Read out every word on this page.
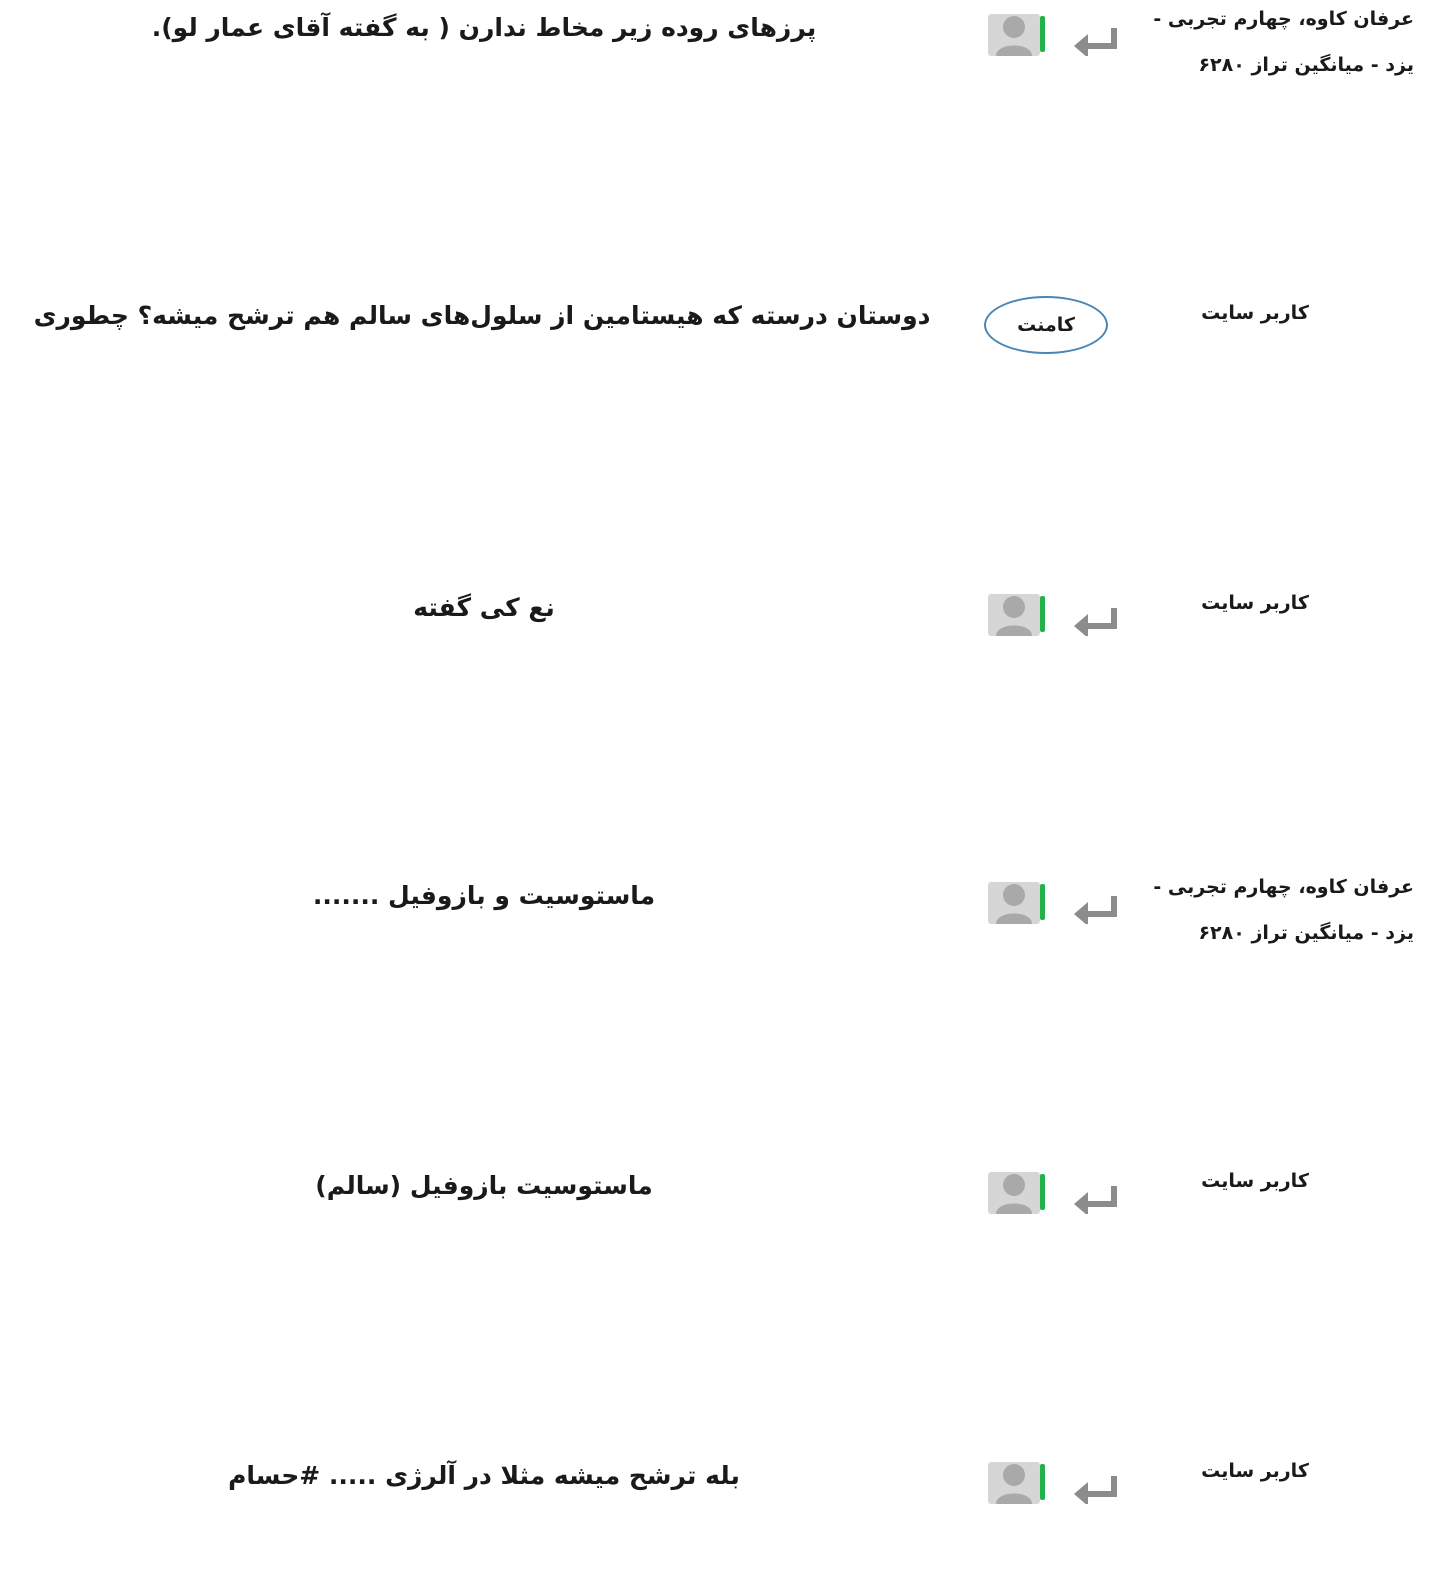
عرفان کاوه، چهارم تجربی -
یزد - میانگین تراز ۶۲۸۰
پرزهای روده زیر مخاط ندارن ( به گفته آقای عمار لو).
کاربر سایت
کامنت
دوستان درسته که هیستامین از سلول‌های سالم هم ترشح میشه؟ چطوری
کاربر سایت
نع کی گفته
عرفان کاوه، چهارم تجربی -
یزد - میانگین تراز ۶۲۸۰
ماستوسیت و بازوفیل .......
کاربر سایت
ماستوسیت بازوفیل (سالم)
کاربر سایت
بله ترشح میشه مثلا در آلرژی ..... #حسام
